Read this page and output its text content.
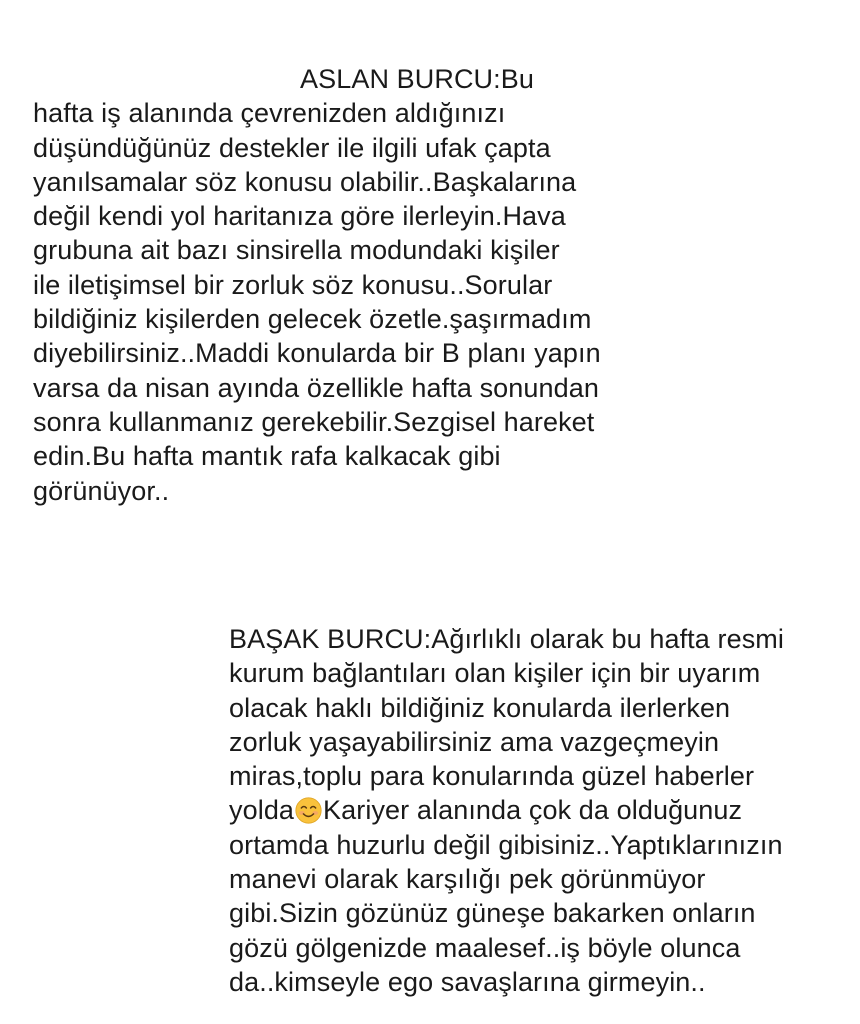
ASLAN BURCU:Bu
hafta iş alanında çevrenizden aldığınızı
düşündüğünüz destekler ile ilgili ufak çapta
yanılsamalar söz konusu olabilir..Başkalarına
değil kendi yol haritanıza göre ilerleyin.Hava
grubuna ait bazı sinsirella modundaki kişiler
ile iletişimsel bir zorluk söz konusu..Sorular
bildiğiniz kişilerden gelecek özetle.şaşırmadım
diyebilirsiniz..Maddi konularda bir B planı yapın
varsa da nisan ayında özellikle hafta sonundan
sonra kullanmanız gerekebilir.Sezgisel hareket
edin.Bu hafta mantık rafa kalkacak gibi
görünüyor..
BAŞAK BURCU:Ağırlıklı olarak bu hafta resmi
kurum bağlantıları olan kişiler için bir uyarım
olacak haklı bildiğiniz konularda ilerlerken
zorluk yaşayabilirsiniz ama vazgeçmeyin
miras,toplu para konularında güzel haberler
yolda Kariyer alanında çok da olduğunuz
ortamda huzurlu değil gibisiniz..Yaptıklarınızın
manevi olarak karşılığı pek görünmüyor
gibi.Sizin gözünüz güneşe bakarken onların
gözü gölgenizde maalesef..iş böyle olunca
da..kimseyle ego savaşlarına girmeyin..
